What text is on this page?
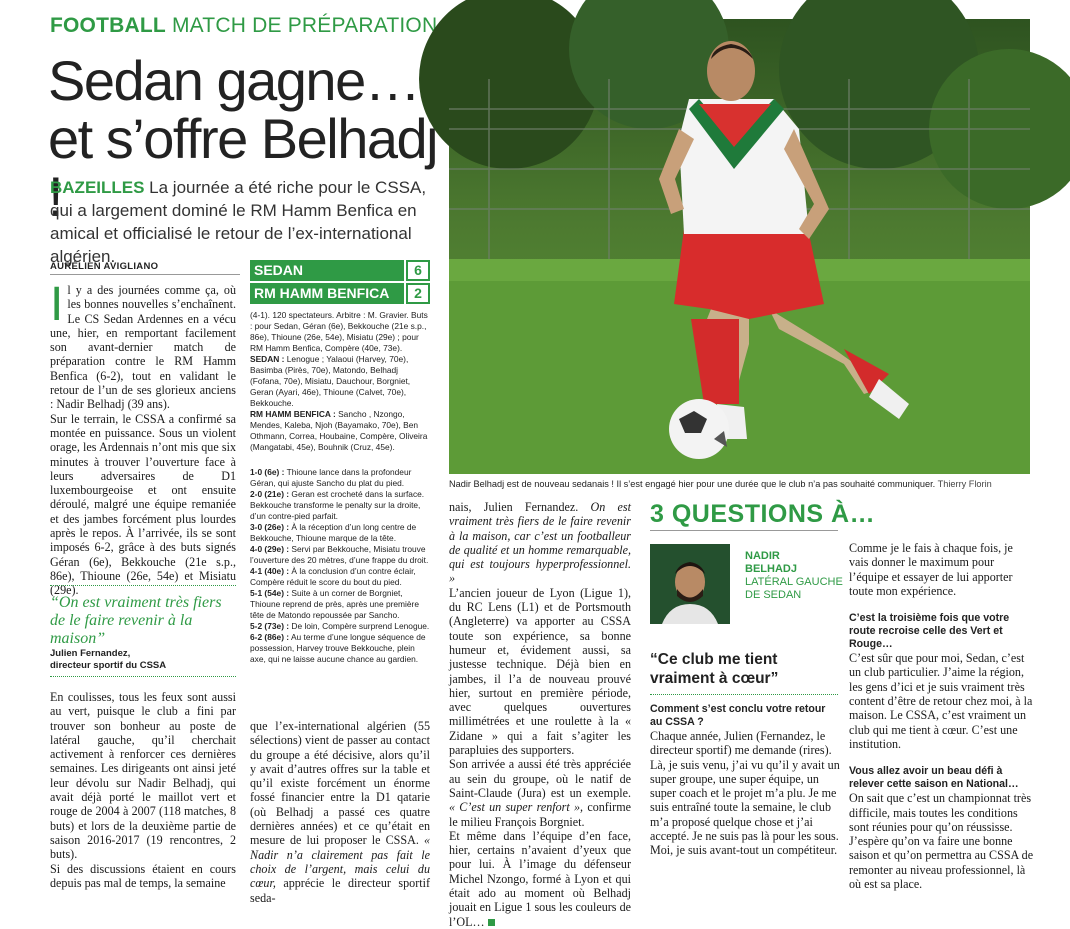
FOOTBALL MATCH DE PRÉPARATION
Sedan gagne…
et s’offre Belhadj !
BAZEILLES La journée a été riche pour le CSSA, qui a largement dominé le RM Hamm Benfica en amical et officialisé le retour de l’ex-international algérien.
AURÉLIEN AVIGLIANO

Il y a des journées comme ça, où les bonnes nouvelles s’enchaînent. Le CS Sedan Ardennes en a vécu une, hier, en remportant facilement son avant-dernier match de préparation contre le RM Hamm Benfica (6-2), tout en validant le retour de l’un de ses glorieux anciens : Nadir Belhadj (39 ans).

Sur le terrain, le CSSA a confirmé sa montée en puissance. Sous un violent orage, les Ardennais n’ont mis que six minutes à trouver l’ouverture face à leurs adversaires de D1 luxembourgeoise et ont ensuite déroulé, malgré une équipe remaniée et des jambes forcément plus lourdes après le repos. À l’arrivée, ils se sont imposés 6-2, grâce à des buts signés Géran (6e), Bekkouche (21e s.p., 86e), Thioune (26e, 54e) et Misiatu (29e).

“On est vraiment très fiers de le faire revenir à la maison”
Julien Fernandez,
directeur sportif du CSSA

En coulisses, tous les feux sont aussi au vert, puisque le club a fini par trouver son bonheur au poste de latéral gauche, qu’il cherchait activement à renforcer ces dernières semaines. Les dirigeants ont ainsi jeté leur dévolu sur Nadir Belhadj, qui avait déjà porté le maillot vert et rouge de 2004 à 2007 (118 matches, 8 buts) et lors de la deuxième partie de saison 2016-2017 (19 rencontres, 2 buts).

Si des discussions étaient en cours depuis pas mal de temps, la semaine

SEDAN	6
RM HAMM BENFICA	2

(4-1). 120 spectateurs. Arbitre : M. Gravier. Buts : pour Sedan, Géran (6e), Bekkouche (21e s.p., 86e), Thioune (26e, 54e), Misiatu (29e) ; pour RM Hamm Benfica, Compère (40e, 73e).

SEDAN : Lenogue ; Yalaoui (Harvey, 70e), Basimba (Pirès, 70e), Matondo, Belhadj (Fofana, 70e), Misiatu, Dauchour, Borgniet, Geran (Ayari, 46e), Thioune (Calvet, 70e), Bekkouche.

RM HAMM BENFICA : Sancho , Nzongo, Mendes, Kaleba, Njoh (Bayamako, 70e), Ben Othmann, Correa, Houbaine, Compère, Oliveira (Mangatabi, 45e), Bouhnik (Cruz, 45e).

1-0 (6e) : Thioune lance dans la profondeur Géran, qui ajuste Sancho du plat du pied.

2-0 (21e) : Geran est crocheté dans la surface. Bekkouche transforme le penalty sur la droite, d’un contre-pied parfait.

3-0 (26e) : À la réception d’un long centre de Bekkouche, Thioune marque de la tête.

4-0 (29e) : Servi par Bekkouche, Misiatu trouve l’ouverture des 20 mètres, d’une frappe du droit.

4-1 (40e) : À la conclusion d’un contre éclair, Compère réduit le score du bout du pied.

5-1 (54e) : Suite à un corner de Borgniet, Thioune reprend de près, après une première tête de Matondo repoussée par Sancho.

5-2 (73e) : De loin, Compère surprend Lenogue.

6-2 (86e) : Au terme d’une longue séquence de possession, Harvey trouve Bekkouche, plein axe, qui ne laisse aucune chance au gardien.

que l’ex-international algérien (55 sélections) vient de passer au contact du groupe a été décisive, alors qu’il y avait d’autres offres sur la table et qu’il existe forcément un énorme fossé financier entre la D1 qatarie (où Belhadj a passé ces quatre dernières années) et ce qu’était en mesure de lui proposer le CSSA. « Nadir n’a clairement pas fait le choix de l’argent, mais celui du cœur, apprécie le directeur sportif seda-

Nadir Belhadj est de nouveau sedanais ! Il s’est engagé hier pour une durée que le club n’a pas souhaité communiquer. Thierry Florin

nais, Julien Fernandez. On est vraiment très fiers de le faire revenir à la maison, car c’est un footballeur de qualité et un homme remarquable, qui est toujours hyperprofessionnel. »

L’ancien joueur de Lyon (Ligue 1), du RC Lens (L1) et de Portsmouth (Angleterre) va apporter au CSSA toute son expérience, sa bonne humeur et, évidement aussi, sa justesse technique. Déjà bien en jambes, il l’a de nouveau prouvé hier, surtout en première période, avec quelques ouvertures millimétrées et une roulette à la « Zidane » qui a fait s’agiter les parapluies des supporters.

Son arrivée a aussi été très appréciée au sein du groupe, où le natif de Saint-Claude (Jura) est un exemple. « C’est un super renfort », confirme le milieu François Borgniet.

Et même dans l’équipe d’en face, hier, certains n’avaient d’yeux que pour lui. À l’image du défenseur Michel Nzongo, formé à Lyon et qui était ado au moment où Belhadj jouait en Ligue 1 sous les couleurs de l’OL…

3 QUESTIONS À…
NADIR
BELHADJ
LATÉRAL GAUCHE DE SEDAN
“Ce club me tient vraiment à cœur”

Comment s’est conclu votre retour au CSSA ?

Chaque année, Julien (Fernandez, le directeur sportif) me demande (rires). Là, je suis venu, j’ai vu qu’il y avait un super groupe, une super équipe, un super coach et le projet m’a plu. Je me suis entraîné toute la semaine, le club m’a proposé quelque chose et j’ai accepté. Je ne suis pas là pour les sous. Moi, je suis avant-tout un compétiteur.

Comme je le fais à chaque fois, je vais donner le maximum pour l’équipe et essayer de lui apporter toute mon expérience.

C’est la troisième fois que votre route recroise celle des Vert et Rouge…

C’est sûr que pour moi, Sedan, c’est un club particulier. J’aime la région, les gens d’ici et je suis vraiment très content d’être de retour chez moi, à la maison. Le CSSA, c’est vraiment un club qui me tient à cœur. C’est une institution.

Vous allez avoir un beau défi à relever cette saison en National…

On sait que c’est un championnat très difficile, mais toutes les conditions sont réunies pour qu’on réussisse. J’espère qu’on va faire une bonne saison et qu’on permettra au CSSA de remonter au niveau professionnel, là où est sa place.
